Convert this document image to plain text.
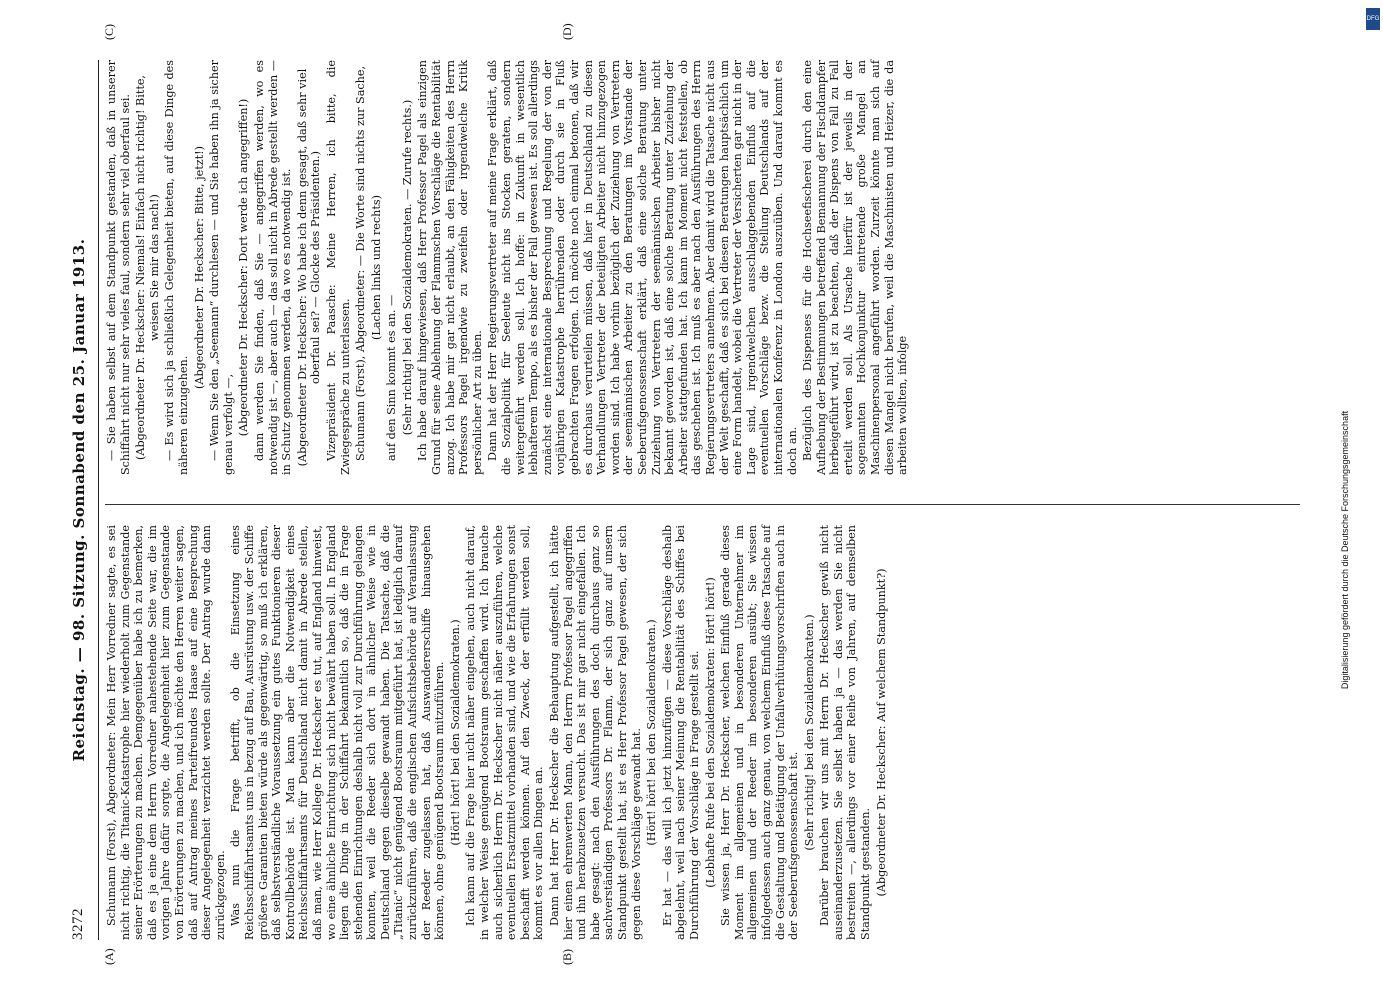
3272
Reichstag. — 98. Sitzung. Sonnabend den 25. Januar 1913.
(A)	(B)
(C)	(D)

Schumann (Forst), Abgeordneter: Mein Herr Vorredner sagte, es sei nicht richtig, die Titanic-Katastrophe hier wiederholt zum Gegenstande seiner Erörterungen zu machen. Demgegenüber habe ich zu bemerken, daß es ja eine dem Herrn Vorredner nahestehende Seite war, die im vorigen Jahre dafür sorgte, die Angelegenheit hier zum Gegenstande von Erörterungen zu machen, und ich möchte den Herren weiter sagen, daß auf Antrag meines Parteifreundes Haase auf eine Besprechung dieser Angelegenheit verzichtet werden sollte. Der Antrag wurde dann zurückgezogen. Was nun die Frage betrifft, ob die Einsetzung eines Reichsschiffahrtsamts uns in bezug auf Bau, Ausrüstung usw. der Schiffe größere Garantien bieten würde als gegenwärtig, so muß ich erklären, daß selbstverständliche Voraussetzung ein gutes Funktionieren dieser Kontrollbehörde ist. Man kann aber die Notwendigkeit eines Reichsschiffahrtsamts für Deutschland nicht damit in Abrede stellen, daß man, wie Herr Kollege Dr. Heckscher es tut, auf England hinweist, wo eine ähnliche Einrichtung sich nicht bewährt haben soll. In England liegen die Dinge in der Schiffahrt bekanntlich so, daß die in Frage stehenden Einrichtungen deshalb nicht voll zur Durchführung gelangen konnten, weil die Reeder sich dort in ähnlicher Weise wie in Deutschland gegen dieselbe gewandt haben. Die Tatsache, daß die „Titanic“ nicht genügend Bootsraum mitgeführt hat, ist lediglich darauf zurückzuführen, daß die englischen Aufsichtsbehörde auf Veranlassung der Reeder zugelassen hat, daß Auswandererschiffe hinausgehen können, ohne genügend Bootsraum mitzuführen. (Hört! hört! bei den Sozialdemokraten.) Ich kann auf die Frage hier nicht näher eingehen, auch nicht darauf, in welcher Weise genügend Bootsraum geschaffen wird. Ich brauche auch sicherlich Herrn Dr. Heckscher nicht näher auszuführen, welche eventuellen Ersatzmittel vorhanden sind, und wie die Erfahrungen sonst beschafft werden können. Auf den Zweck, der erfüllt werden soll, kommt es vor allen Dingen an. Dann hat Herr Dr. Heckscher die Behauptung aufgestellt, ich hätte hier einen ehrenwerten Mann, den Herrn Professor Pagel angegriffen und ihn herabzusetzen versucht. Das ist mir gar nicht eingefallen. Ich habe gesagt: nach den Ausführungen des doch durchaus ganz so sachverständigen Professors Dr. Flamm, der sich ganz auf unsern Standpunkt gestellt hat, ist es Herr Professor Pagel gewesen, der sich gegen diese Vorschläge gewandt hat. (Hört! hört! bei den Sozialdemokraten.) Er hat — das will ich jetzt hinzufügen — diese Vorschläge deshalb abgelehnt, weil nach seiner Meinung die Rentabilität des Schiffes bei Durchführung der Vorschläge in Frage gestellt sei. (Lebhafte Rufe bei den Sozialdemokraten: Hört! hört!) Sie wissen ja, Herr Dr. Heckscher, welchen Einfluß gerade dieses Moment im allgemeinen und in besonderen Unternehmer im allgemeinen und der Reeder im besonderen ausübt; Sie wissen infolgedessen auch ganz genau, von welchem Einfluß diese Tatsache auf die Gestaltung und Betätigung der Unfallverhütungsvorschriften auch in der Seeberufsgenossenschaft ist. (Sehr richtig! bei den Sozialdemokraten.) Darüber brauchen wir uns mit Herrn Dr. Heckscher gewiß nicht auseinanderzusetzen. Sie selbst haben ja — das werden Sie nicht bestreiten —, allerdings vor einer Reihe von Jahren, auf demselben Standpunkt gestanden. (Abgeordneter Dr. Heckscher: Auf welchem Standpunkt?)

— Sie haben selbst auf dem Standpunkt gestanden, daß in unserer Schiffahrt nicht nur sehr vieles faul, sondern sehr viel oberfaul sei. (Abgeordneter Dr. Heckscher: Niemals! Einfach nicht richtig! Bitte, weisen Sie mir das nach!) — Es wird sich ja schließlich Gelegenheit bieten, auf diese Dinge des näheren einzugehen.

(Abgeordneter Dr. Heckscher: Bitte, jetzt!) — Wenn Sie den „Seemann“ durchlesen — und Sie haben ihn ja sicher genau verfolgt —, (Abgeordneter Dr. Heckscher: Dort werde ich angegriffen!) dann werden Sie finden, daß Sie — angegriffen werden, wo es notwendig ist —, aber auch — das soll nicht in Abrede gestellt werden — in Schutz genommen werden, da wo es notwendig ist. (Abgeordneter Dr. Heckscher: Wo habe ich denn gesagt, daß sehr viel oberfaul sei? — Glocke des Präsidenten.) Vizepräsident Dr. Paasche: Meine Herren, ich bitte, die Zwiegespräche zu unterlassen. Schumann (Forst), Abgeordneter: — Die Worte sind nichts zur Sache, (Lachen links und rechts)

auf den Sinn kommt es an. — (Sehr richtig! bei den Sozialdemokraten. — Zurufe rechts.) Ich habe darauf hingewiesen, daß Herr Professor Pagel als einzigen Grund für seine Ablehnung der Flammschen Vorschläge die Rentabilität anzog. Ich habe mir gar nicht erlaubt, an den Fähigkeiten des Herrn Professors Pagel irgendwie zu zweifeln oder irgendwelche Kritik persönlicher Art zu üben. Dann hat der Herr Regierungsvertreter auf meine Frage erklärt, daß die Sozialpolitik für Seeleute nicht ins Stocken geraten, sondern weitergeführt werden soll. Ich hoffe: in Zukunft in wesentlich lebhafterem Tempo, als es bisher der Fall gewesen ist. Es soll allerdings zunächst eine internationale Besprechung und Regelung der von der vorjährigen Katastrophe herrührenden oder durch sie in Fluß gebrachten Fragen erfolgen. Ich möchte noch einmal betonen, daß wir es durchaus verurteilen müssen, daß hier in Deutschland zu diesen Verhandlungen Vertreter der beteiligten Arbeiter nicht hinzugezogen worden sind. Ich habe vorhin bezüglich der Zuziehung von Vertretern der seemännischen Arbeiter zu den Beratungen im Vorstande der Seeberufsgenossenschaft erklärt, daß eine solche Beratung unter Zuziehung von Vertretern der seemännischen Arbeiter bisher nicht bekannt geworden ist, daß eine solche Beratung unter Zuziehung der Arbeiter stattgefunden hat. Ich kann im Moment nicht feststellen, ob das geschehen ist. Ich muß es aber nach den Ausführungen des Herrn Regierungsvertreters annehmen. Aber damit wird die Tatsache nicht aus der Welt geschafft, daß es sich bei diesen Beratungen hauptsächlich um eine Form handelt, wobei die Vertreter der Versicherten gar nicht in der Lage sind, irgendwelchen ausschlaggebenden Einfluß auf die eventuellen Vorschläge bezw. die Stellung Deutschlands auf der internationalen Konferenz in London auszuüben. Und darauf kommt es doch an. Bezüglich des Dispenses für die Hochseefischerei durch den eine Aufhebung der Bestimmungen betreffend Bemannung der Fischdampfer herbeigeführt wird, ist zu beachten, daß der Dispens von Fall zu Fall erteilt werden soll. Als Ursache hierfür ist der jeweils in der sogenannten Hochkonjunktur eintretende große Mangel an Maschinenpersonal angeführt worden. Zurzeit könnte man sich auf diesen Mangel nicht berufen, weil die Maschinisten und Heizer, die da arbeiten wollten, infolge

DFG
Digitalisierung gefördert durch die Deutsche Forschungsgemeinschaft
